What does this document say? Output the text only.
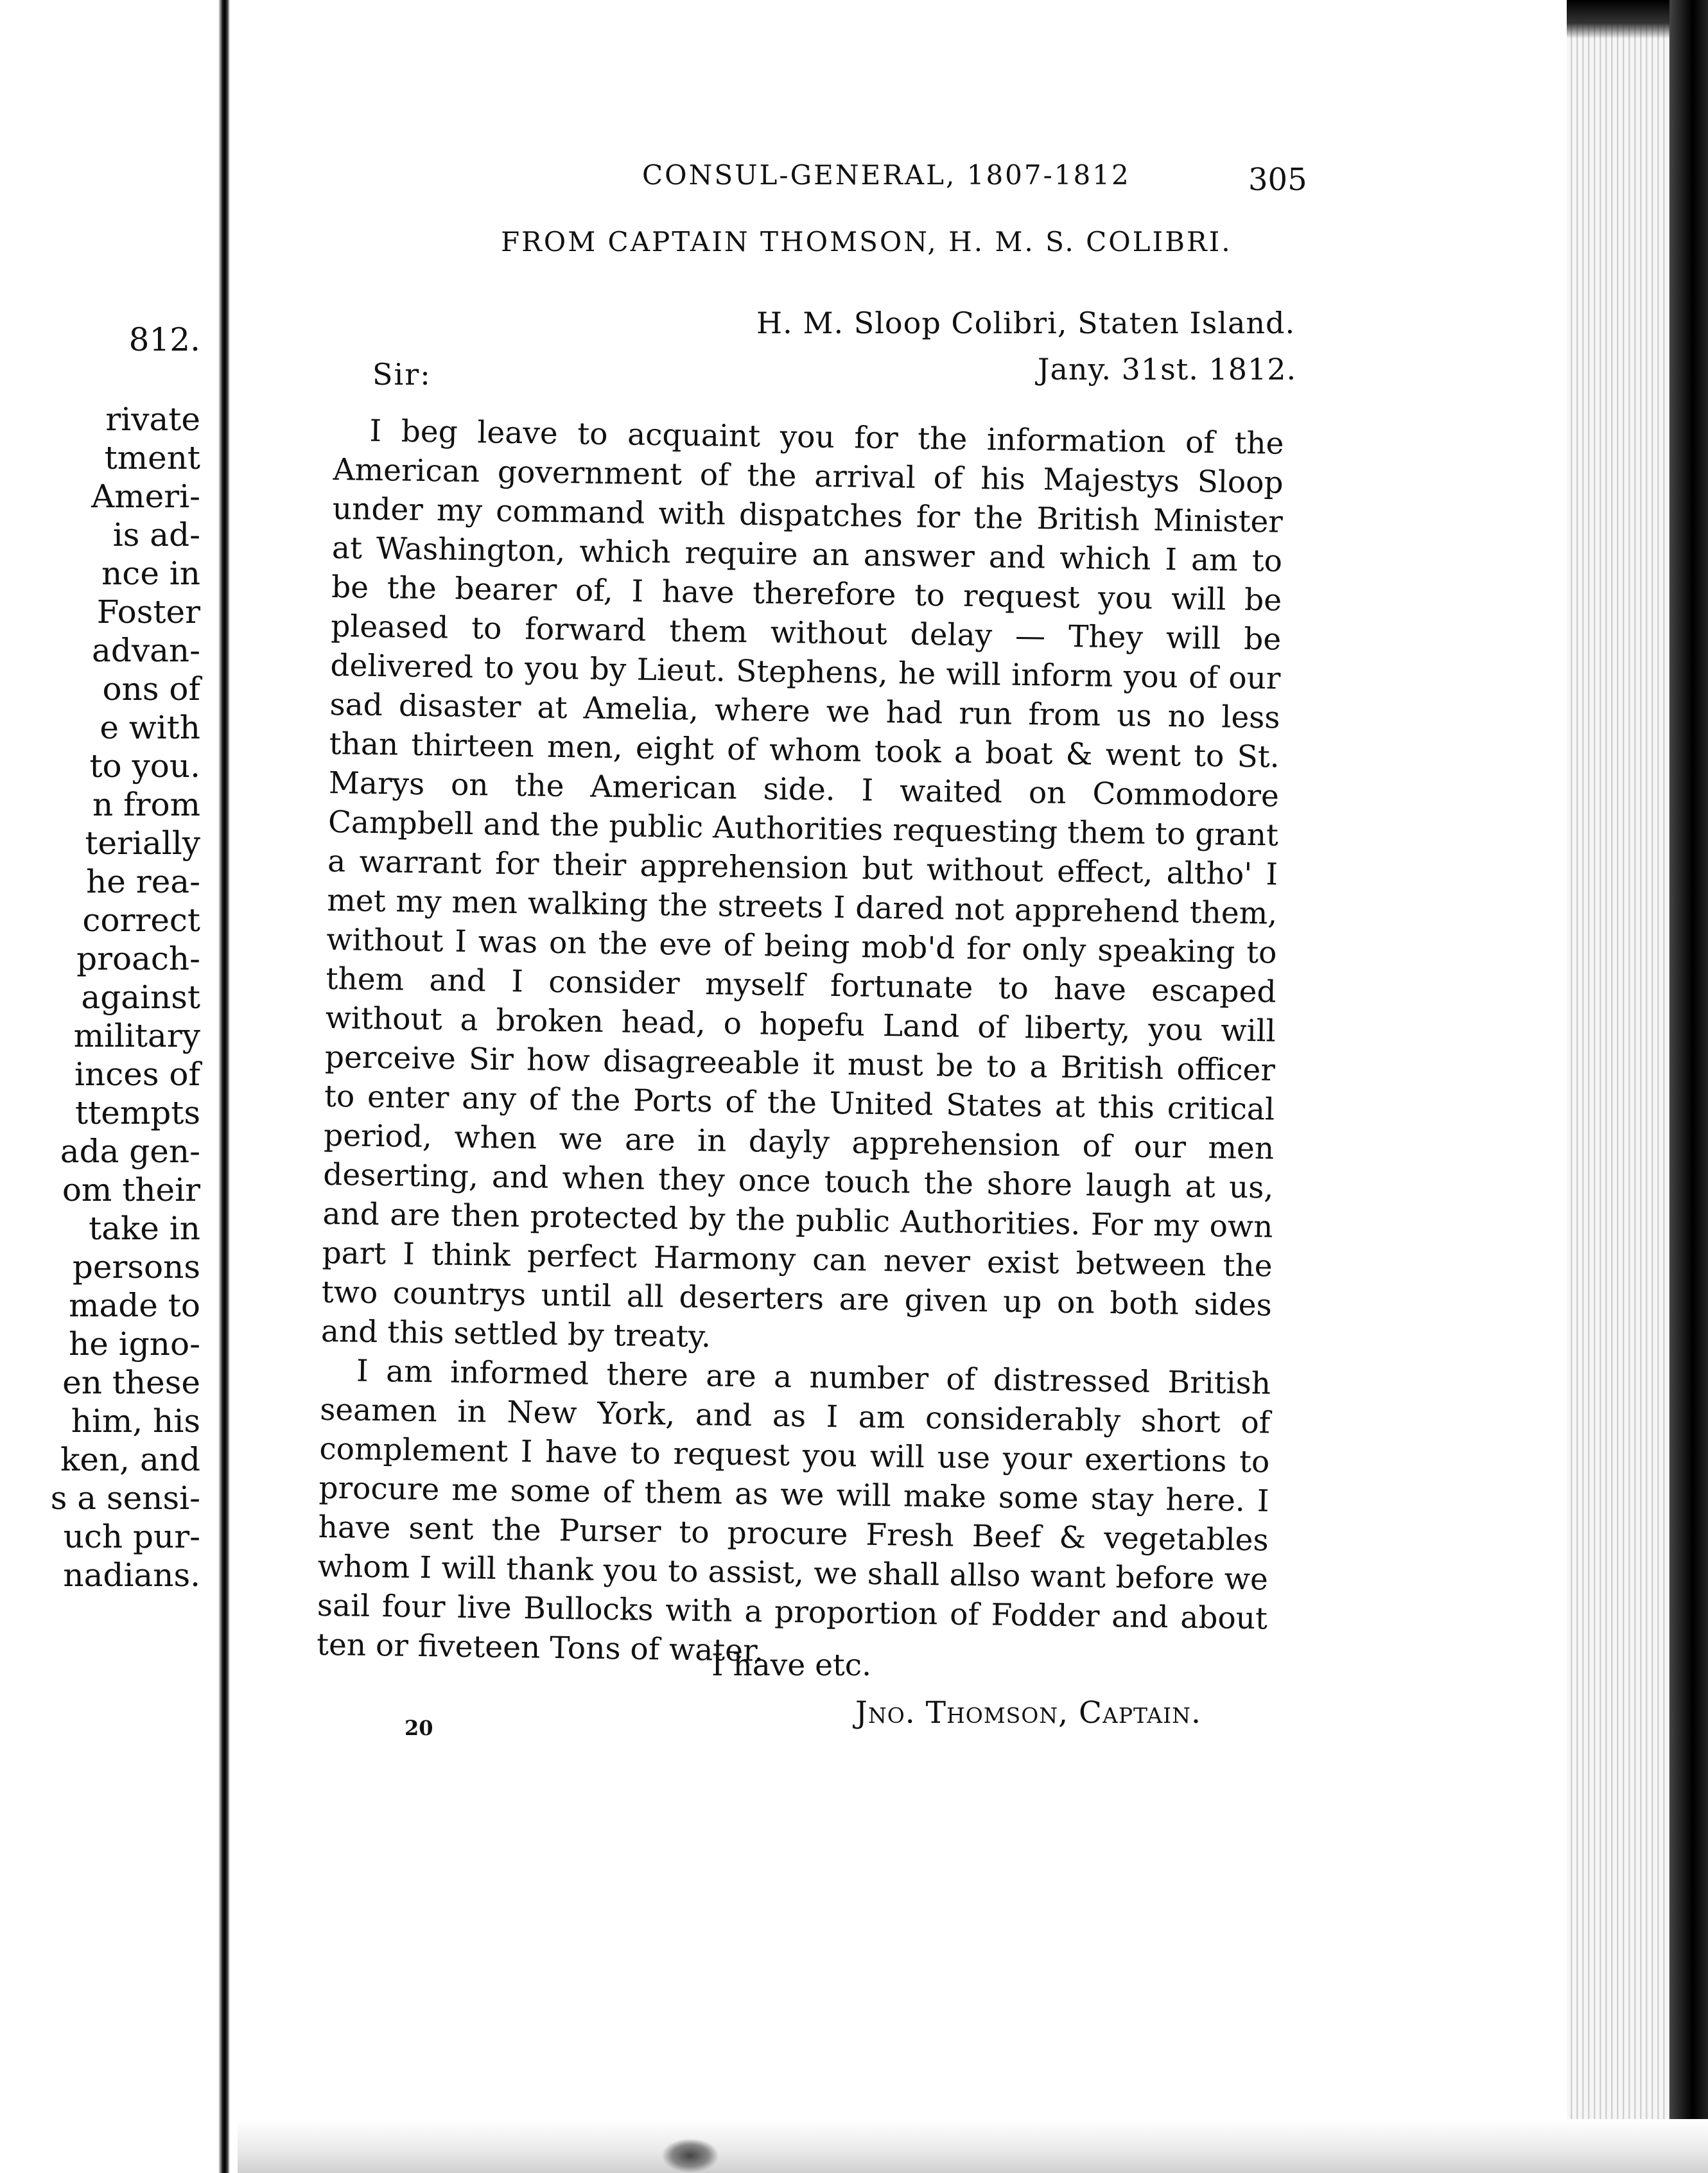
812.
rivate
tment
Ameri-
is ad-
nce in
Foster
advan-
ons of
e with
to you.
n from
terially
he rea-
correct
proach-
against
military
inces of
ttempts
ada gen-
om their
take in
persons
made to
he igno-
en these
him, his
ken, and
s a sensi-
uch pur-
nadians.
CONSUL-GENERAL, 1807-1812	305
FROM CAPTAIN THOMSON, H. M. S. COLIBRI.
H. M. Sloop Colibri, Staten Island.
Jany. 31st. 1812.
Sir:

I beg leave to acquaint you for the information of the American government of the arrival of his Majestys Sloop under my command with dispatches for the British Minister at Washington, which require an answer and which I am to be the bearer of, I have therefore to request you will be pleased to forward them without delay — They will be delivered to you by Lieut. Stephens, he will inform you of our sad disaster at Amelia, where we had run from us no less than thirteen men, eight of whom took a boat & went to St. Marys on the American side. I waited on Commodore Campbell and the public Authorities requesting them to grant a warrant for their apprehension but without effect, altho' I met my men walking the streets I dared not apprehend them, without I was on the eve of being mob'd for only speaking to them and I consider myself fortunate to have escaped without a broken head, o hopefu Land of liberty, you will perceive Sir how disagreeable it must be to a British officer to enter any of the Ports of the United States at this critical period, when we are in dayly apprehension of our men deserting, and when they once touch the shore laugh at us, and are then protected by the public Authorities. For my own part I think perfect Harmony can never exist between the two countrys until all deserters are given up on both sides and this settled by treaty.

I am informed there are a number of distressed British seamen in New York, and as I am considerably short of complement I have to request you will use your exertions to procure me some of them as we will make some stay here. I have sent the Purser to procure Fresh Beef & vegetables whom I will thank you to assist, we shall allso want before we sail four live Bullocks with a proportion of Fodder and about ten or fiveteen Tons of water.

I have etc.
20	Jno. Thomson, Captain.
